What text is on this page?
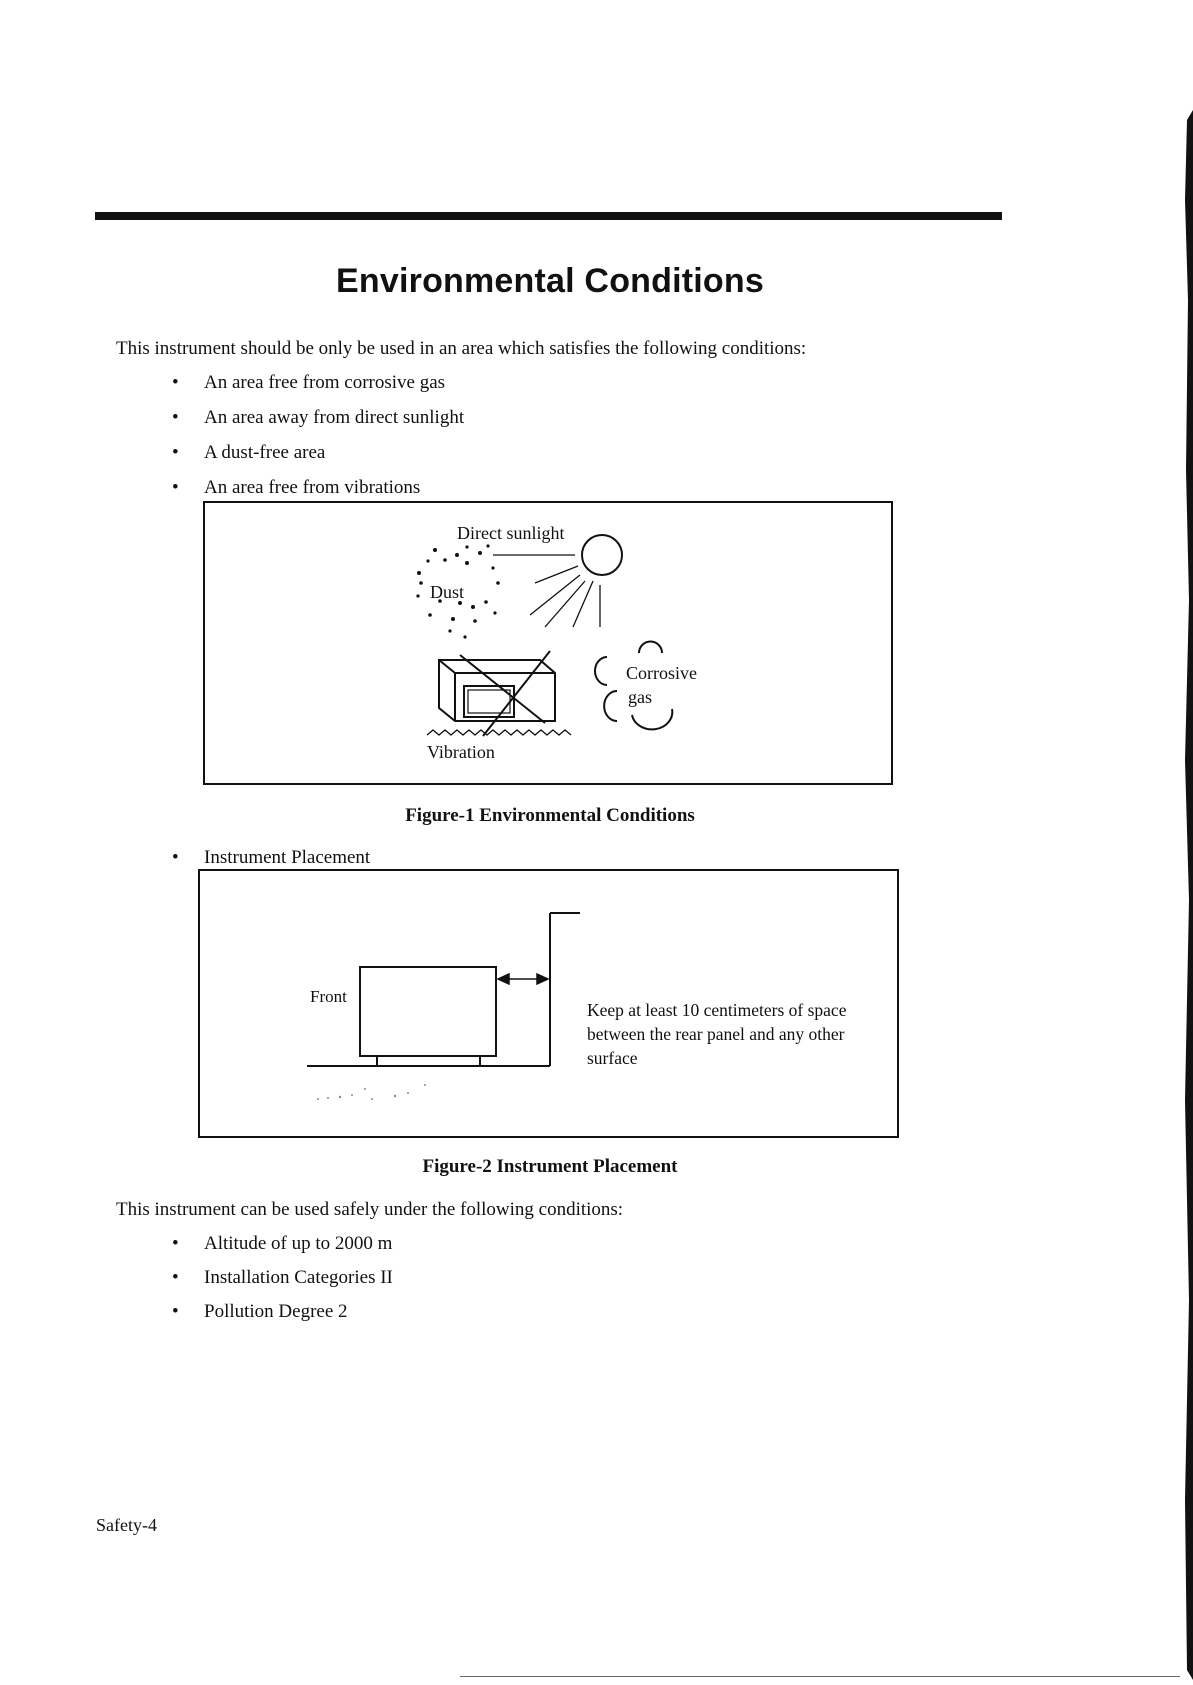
Environmental Conditions
This instrument should be only be used in an area which satisfies the following conditions:
• An area free from corrosive gas
• An area away from direct sunlight
• A dust-free area
• An area free from vibrations
Direct sunlight
Dust
Corrosive
gas
Vibration
Figure-1 Environmental Conditions
• Instrument Placement
Front
Keep at least 10 centimeters of space between the rear panel and any other surface
Figure-2 Instrument Placement
This instrument can be used safely under the following conditions:
• Altitude of up to 2000 m
• Installation Categories II
• Pollution Degree 2
Safety-4
